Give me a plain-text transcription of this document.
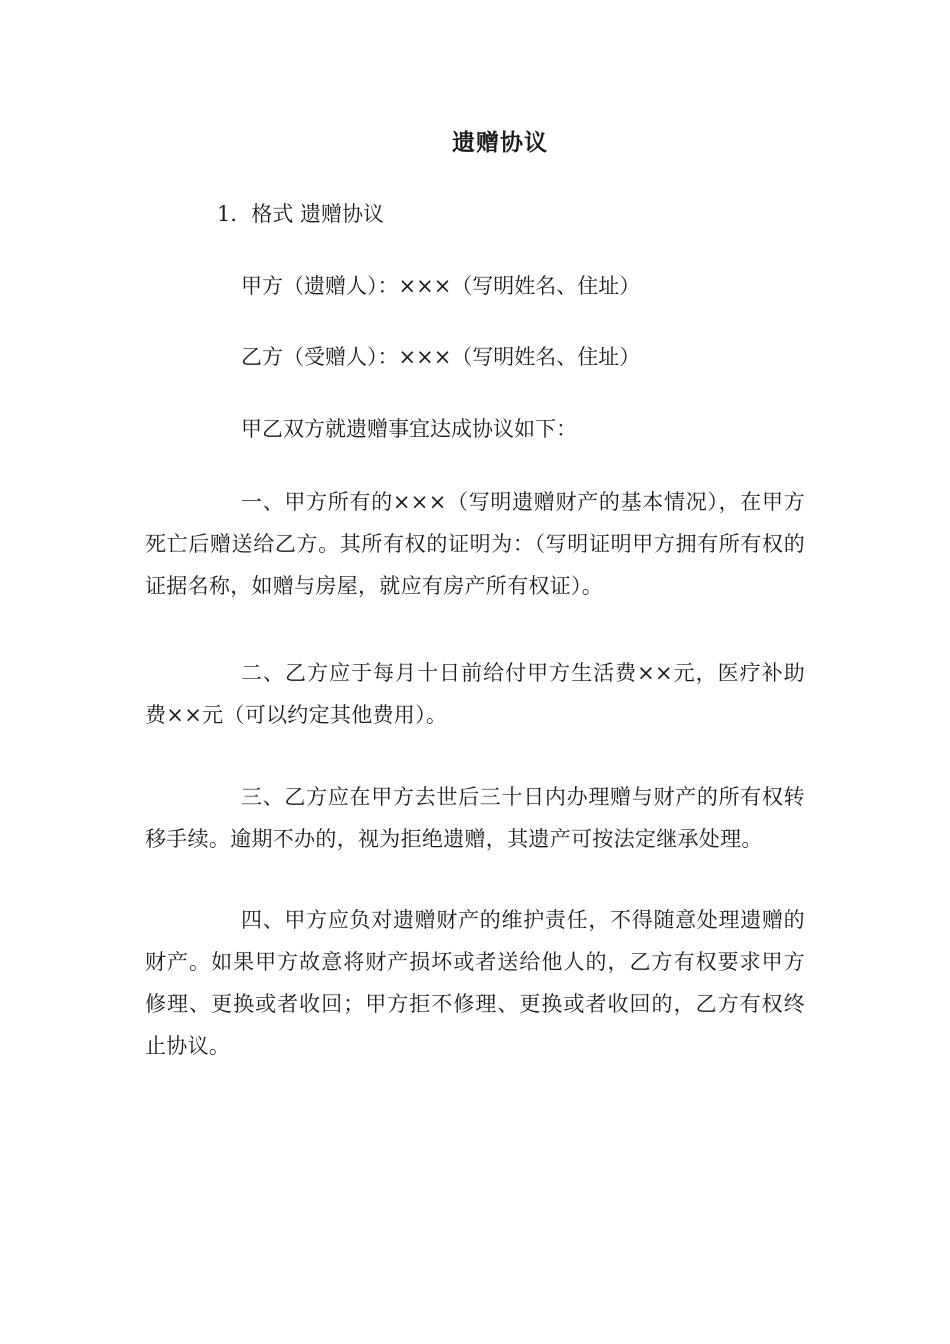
遗赠协议
1．格式 遗赠协议
甲方（遗赠人）：×××（写明姓名、住址）
乙方（受赠人）：×××（写明姓名、住址）
甲乙双方就遗赠事宜达成协议如下：
一、甲方所有的×××（写明遗赠财产的基本情况），在甲方死亡后赠送给乙方。其所有权的证明为：（写明证明甲方拥有所有权的证据名称，如赠与房屋，就应有房产所有权证）。
二、乙方应于每月十日前给付甲方生活费××元，医疗补助费××元（可以约定其他费用）。
三、乙方应在甲方去世后三十日内办理赠与财产的所有权转移手续。逾期不办的，视为拒绝遗赠，其遗产可按法定继承处理。
四、甲方应负对遗赠财产的维护责任，不得随意处理遗赠的财产。如果甲方故意将财产损坏或者送给他人的，乙方有权要求甲方修理、更换或者收回；甲方拒不修理、更换或者收回的，乙方有权终止协议。
